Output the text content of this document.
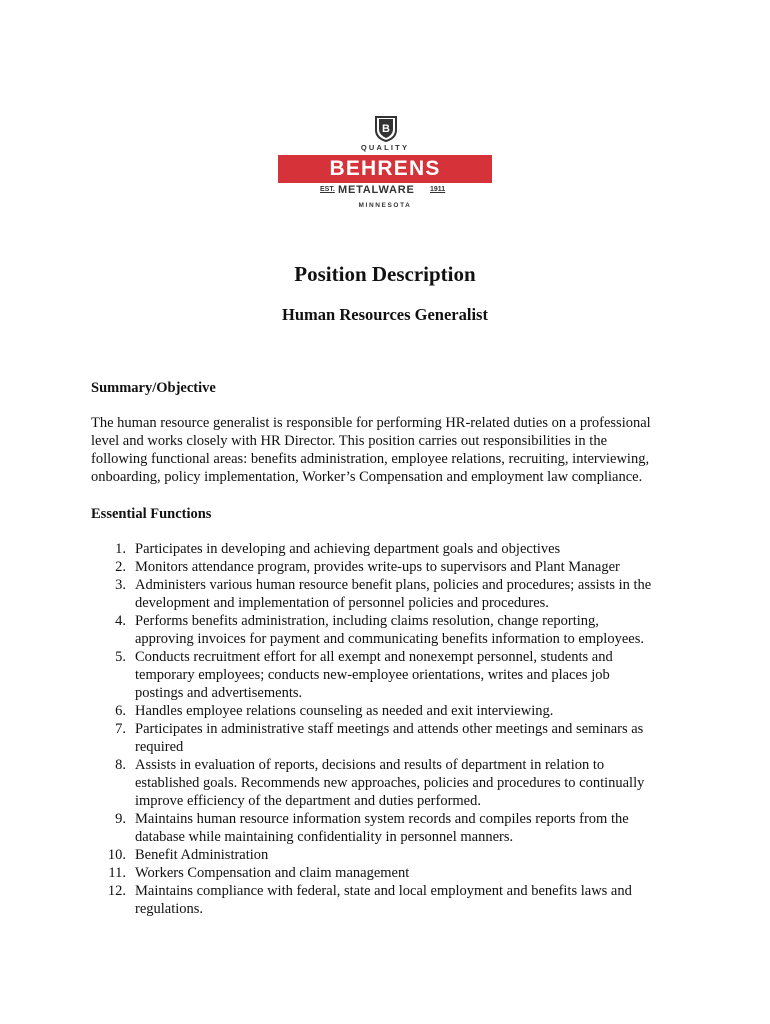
B
QUALITY
BEHRENS
EST. METALWARE 1911
MINNESOTA
Position Description
Human Resources Generalist
Summary/Objective

The human resource generalist is responsible for performing HR-related duties on a professional
level and works closely with HR Director. This position carries out responsibilities in the
following functional areas: benefits administration, employee relations, recruiting, interviewing,
onboarding, policy implementation, Worker’s Compensation and employment law compliance.

Essential Functions
1. Participates in developing and achieving department goals and objectives
2. Monitors attendance program, provides write-ups to supervisors and Plant Manager
3. Administers various human resource benefit plans, policies and procedures; assists in the
development and implementation of personnel policies and procedures.
4. Performs benefits administration, including claims resolution, change reporting,
approving invoices for payment and communicating benefits information to employees.
5. Conducts recruitment effort for all exempt and nonexempt personnel, students and
temporary employees; conducts new-employee orientations, writes and places job
postings and advertisements.
6. Handles employee relations counseling as needed and exit interviewing.
7. Participates in administrative staff meetings and attends other meetings and seminars as
required
8. Assists in evaluation of reports, decisions and results of department in relation to
established goals. Recommends new approaches, policies and procedures to continually
improve efficiency of the department and duties performed.
9. Maintains human resource information system records and compiles reports from the
database while maintaining confidentiality in personnel manners.
10. Benefit Administration
11. Workers Compensation and claim management
12. Maintains compliance with federal, state and local employment and benefits laws and
regulations.
